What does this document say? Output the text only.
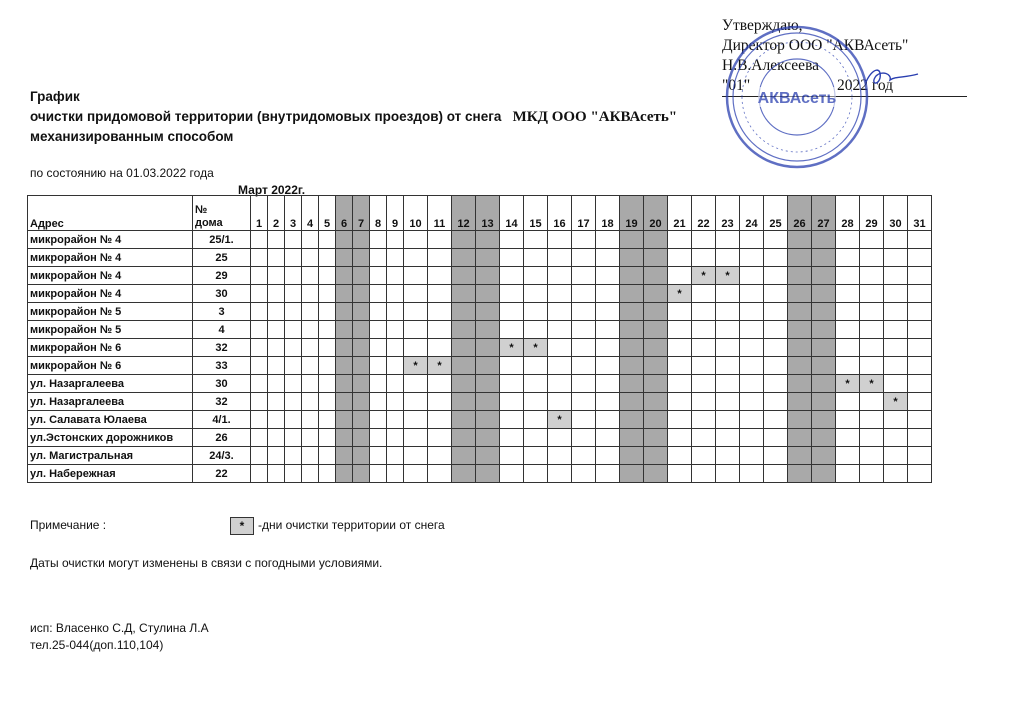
Утверждаю,
Директор ООО "АКВАсеть"
Н.В.Алексеева
"01"	2022 год
АКВАсеть
График
очистки придомовой территории (внутридомовых проездов) от снега МКД ООО "АКВАсеть"
механизированным способом
по состоянию на 01.03.2022 года
Март 2022г.
Адрес	№
дома	1	2	3	4	5	6	7	8	9	10	11	12	13	14	15	16	17	18	19	20	21	22	23	24	25	26	27	28	29	30	31
микрорайон № 4	25/1.																															
микрорайон № 4	25																															
микрорайон № 4	29																						*	*								
микрорайон № 4	30																					*										
микрорайон № 5	3																															
микрорайон № 5	4																															
микрорайон № 6	32														*	*																
микрорайон № 6	33										*	*																				
ул. Назаргалеева	30																												*	*		
ул. Назаргалеева	32																														*	
ул. Салавата Юлаева	4/1.																*															
ул.Эстонских дорожников	26																															
ул. Магистральная	24/3.																															
ул. Набережная	22																															
Примечание :	*	-дни очистки территории от снега
Даты очистки могут изменены в связи с погодными условиями.
исп: Власенко С.Д, Стулина Л.А
тел.25-044(доп.110,104)
